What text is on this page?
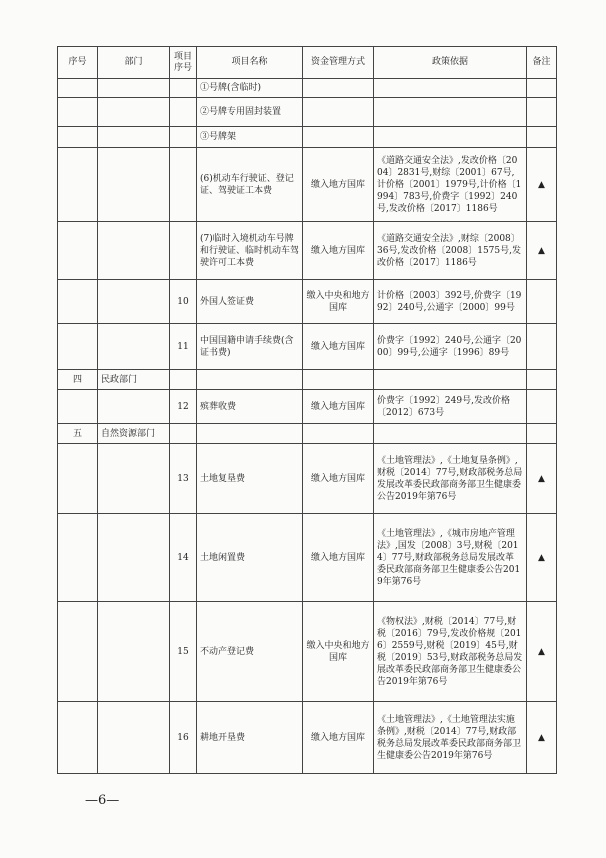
序号	部门	项目序号	项目名称	资金管理方式	政策依据	备注
			①号牌(含临时)			
			②号牌专用固封装置			
			③号牌架			
			(6)机动车行驶证、登记证、驾驶证工本费	缴入地方国库	《道路交通安全法》,发改价格〔2004〕2831号,财综〔2001〕67号,计价格〔2001〕1979号,计价格〔1994〕783号,价费字〔1992〕240号,发改价格〔2017〕1186号	▲
			(7)临时入境机动车号牌和行驶证、临时机动车驾驶许可工本费	缴入地方国库	《道路交通安全法》,财综〔2008〕36号,发改价格〔2008〕1575号,发改价格〔2017〕1186号	▲
		10	外国人签证费	缴入中央和地方国库	计价格〔2003〕392号,价费字〔1992〕240号,公通字〔2000〕99号	
		11	中国国籍申请手续费(含证书费)	缴入地方国库	价费字〔1992〕240号,公通字〔2000〕99号,公通字〔1996〕89号	
四	民政部门					
		12	殡葬收费	缴入地方国库	价费字〔1992〕249号,发改价格〔2012〕673号	
五	自然资源部门					
		13	土地复垦费	缴入地方国库	《土地管理法》,《土地复垦条例》,财税〔2014〕77号,财政部税务总局发展改革委民政部商务部卫生健康委公告2019年第76号	▲
		14	土地闲置费	缴入地方国库	《土地管理法》,《城市房地产管理法》,国发〔2008〕3号,财税〔2014〕77号,财政部税务总局发展改革委民政部商务部卫生健康委公告2019年第76号	▲
		15	不动产登记费	缴入中央和地方国库	《物权法》,财税〔2014〕77号,财税〔2016〕79号,发改价格规〔2016〕2559号,财税〔2019〕45号,财税〔2019〕53号,财政部税务总局发展改革委民政部商务部卫生健康委公告2019年第76号	▲
		16	耕地开垦费	缴入地方国库	《土地管理法》,《土地管理法实施条例》,财税〔2014〕77号,财政部税务总局发展改革委民政部商务部卫生健康委公告2019年第76号	▲
—6—
